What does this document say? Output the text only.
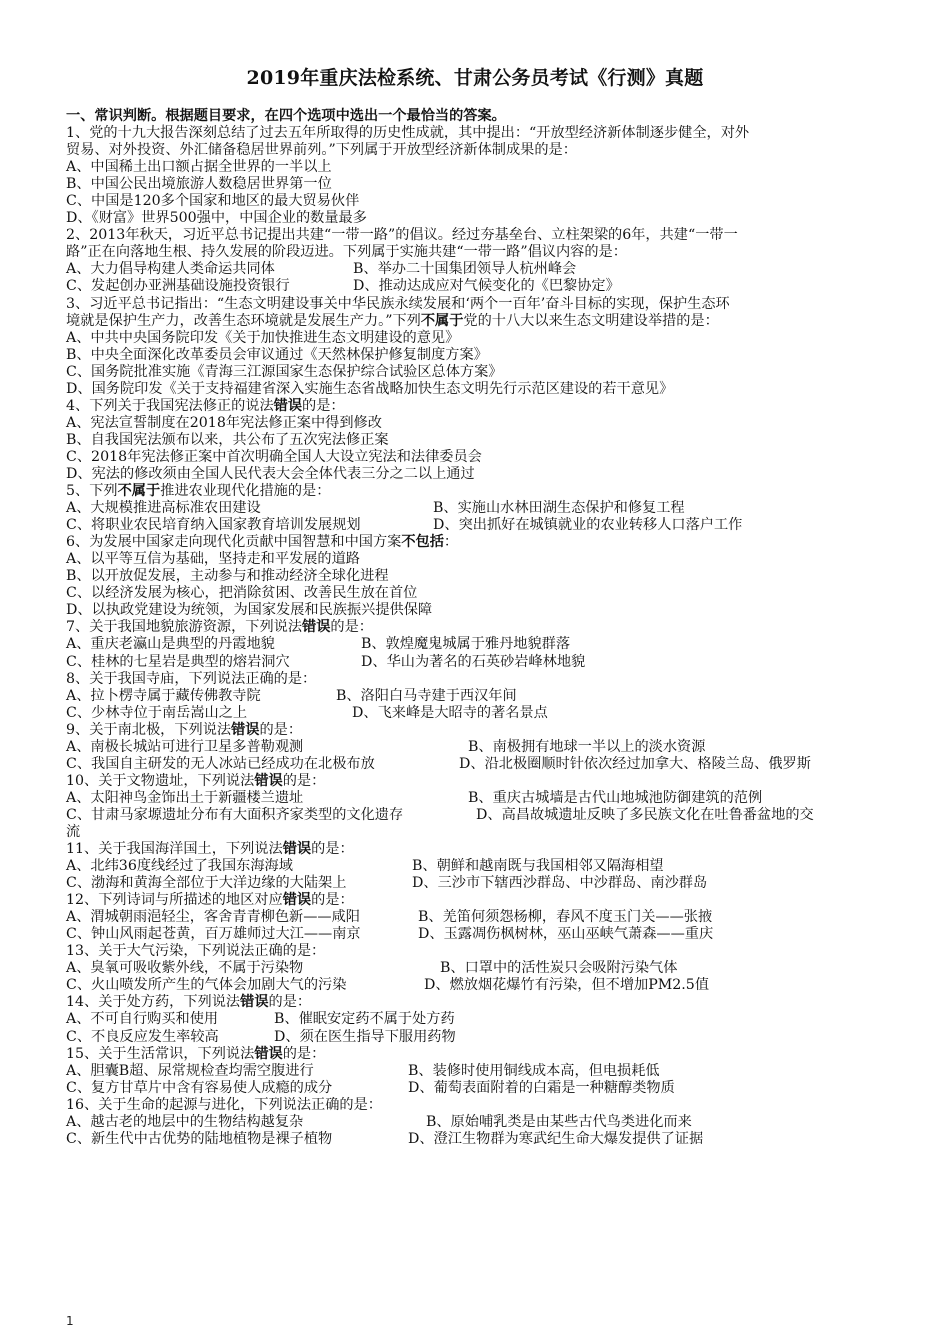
2019年重庆法检系统、甘肃公务员考试《行测》真题
一、常识判断。根据题目要求，在四个选项中选出一个最恰当的答案。
1、党的十九大报告深刻总结了过去五年所取得的历史性成就，其中提出：“开放型经济新体制逐步健全，对外
贸易、对外投资、外汇储备稳居世界前列。”下列属于开放型经济新体制成果的是：
A、中国稀土出口额占据全世界的一半以上
B、中国公民出境旅游人数稳居世界第一位
C、中国是120多个国家和地区的最大贸易伙伴
D、《财富》世界500强中，中国企业的数量最多
2、2013年秋天，习近平总书记提出共建“一带一路”的倡议。经过夯基垒台、立柱架梁的6年，共建“一带一
路”正在向落地生根、持久发展的阶段迈进。下列属于实施共建“一带一路”倡议内容的是：
A、大力倡导构建人类命运共同体	B、举办二十国集团领导人杭州峰会
C、发起创办亚洲基础设施投资银行	D、推动达成应对气候变化的《巴黎协定》
3、习近平总书记指出：“生态文明建设事关中华民族永续发展和‘两个一百年’奋斗目标的实现，保护生态环
境就是保护生产力，改善生态环境就是发展生产力。”下列不属于党的十八大以来生态文明建设举措的是：
A、中共中央国务院印发《关于加快推进生态文明建设的意见》
B、中央全面深化改革委员会审议通过《天然林保护修复制度方案》
C、国务院批准实施《青海三江源国家生态保护综合试验区总体方案》
D、国务院印发《关于支持福建省深入实施生态省战略加快生态文明先行示范区建设的若干意见》
4、下列关于我国宪法修正的说法错误的是：
A、宪法宣誓制度在2018年宪法修正案中得到修改
B、自我国宪法颁布以来，共公布了五次宪法修正案
C、2018年宪法修正案中首次明确全国人大设立宪法和法律委员会
D、宪法的修改须由全国人民代表大会全体代表三分之二以上通过
5、下列不属于推进农业现代化措施的是：
A、大规模推进高标准农田建设	B、实施山水林田湖生态保护和修复工程
C、将职业农民培育纳入国家教育培训发展规划	D、突出抓好在城镇就业的农业转移人口落户工作
6、为发展中国家走向现代化贡献中国智慧和中国方案不包括：
A、以平等互信为基础，坚持走和平发展的道路
B、以开放促发展，主动参与和推动经济全球化进程
C、以经济发展为核心，把消除贫困、改善民生放在首位
D、以执政党建设为统领，为国家发展和民族振兴提供保障
7、关于我国地貌旅游资源，下列说法错误的是：
A、重庆老瀛山是典型的丹霞地貌	B、敦煌魔鬼城属于雅丹地貌群落
C、桂林的七星岩是典型的熔岩洞穴	D、华山为著名的石英砂岩峰林地貌
8、关于我国寺庙，下列说法正确的是：
A、拉卜楞寺属于藏传佛教寺院	B、洛阳白马寺建于西汉年间
C、少林寺位于南岳嵩山之上	D、飞来峰是大昭寺的著名景点
9、关于南北极，下列说法错误的是：
A、南极长城站可进行卫星多普勒观测	B、南极拥有地球一半以上的淡水资源
C、我国自主研发的无人冰站已经成功在北极布放	D、沿北极圈顺时针依次经过加拿大、格陵兰岛、俄罗斯
10、关于文物遗址，下列说法错误的是：
A、太阳神鸟金饰出土于新疆楼兰遗址	B、重庆古城墙是古代山地城池防御建筑的范例
C、甘肃马家塬遗址分布有大面积齐家类型的文化遗存	D、高昌故城遗址反映了多民族文化在吐鲁番盆地的交
流
11、关于我国海洋国土，下列说法错误的是：
A、北纬36度线经过了我国东海海域	B、朝鲜和越南既与我国相邻又隔海相望
C、渤海和黄海全部位于大洋边缘的大陆架上	D、三沙市下辖西沙群岛、中沙群岛、南沙群岛
12、下列诗词与所描述的地区对应错误的是：
A、渭城朝雨浥轻尘，客舍青青柳色新——咸阳	B、羌笛何须怨杨柳，春风不度玉门关——张掖
C、钟山风雨起苍黄，百万雄师过大江——南京	D、玉露凋伤枫树林，巫山巫峡气萧森——重庆
13、关于大气污染，下列说法正确的是：
A、臭氧可吸收紫外线，不属于污染物	B、口罩中的活性炭只会吸附污染气体
C、火山喷发所产生的气体会加剧大气的污染	D、燃放烟花爆竹有污染，但不增加PM2.5值
14、关于处方药，下列说法错误的是：
A、不可自行购买和使用	B、催眠安定药不属于处方药
C、不良反应发生率较高	D、须在医生指导下服用药物
15、关于生活常识，下列说法错误的是：
A、胆囊B超、尿常规检查均需空腹进行	B、装修时使用铜线成本高，但电损耗低
C、复方甘草片中含有容易使人成瘾的成分	D、葡萄表面附着的白霜是一种糖醇类物质
16、关于生命的起源与进化，下列说法正确的是：
A、越古老的地层中的生物结构越复杂	B、原始哺乳类是由某些古代鸟类进化而来
C、新生代中古优势的陆地植物是裸子植物	D、澄江生物群为寒武纪生命大爆发提供了证据
1
